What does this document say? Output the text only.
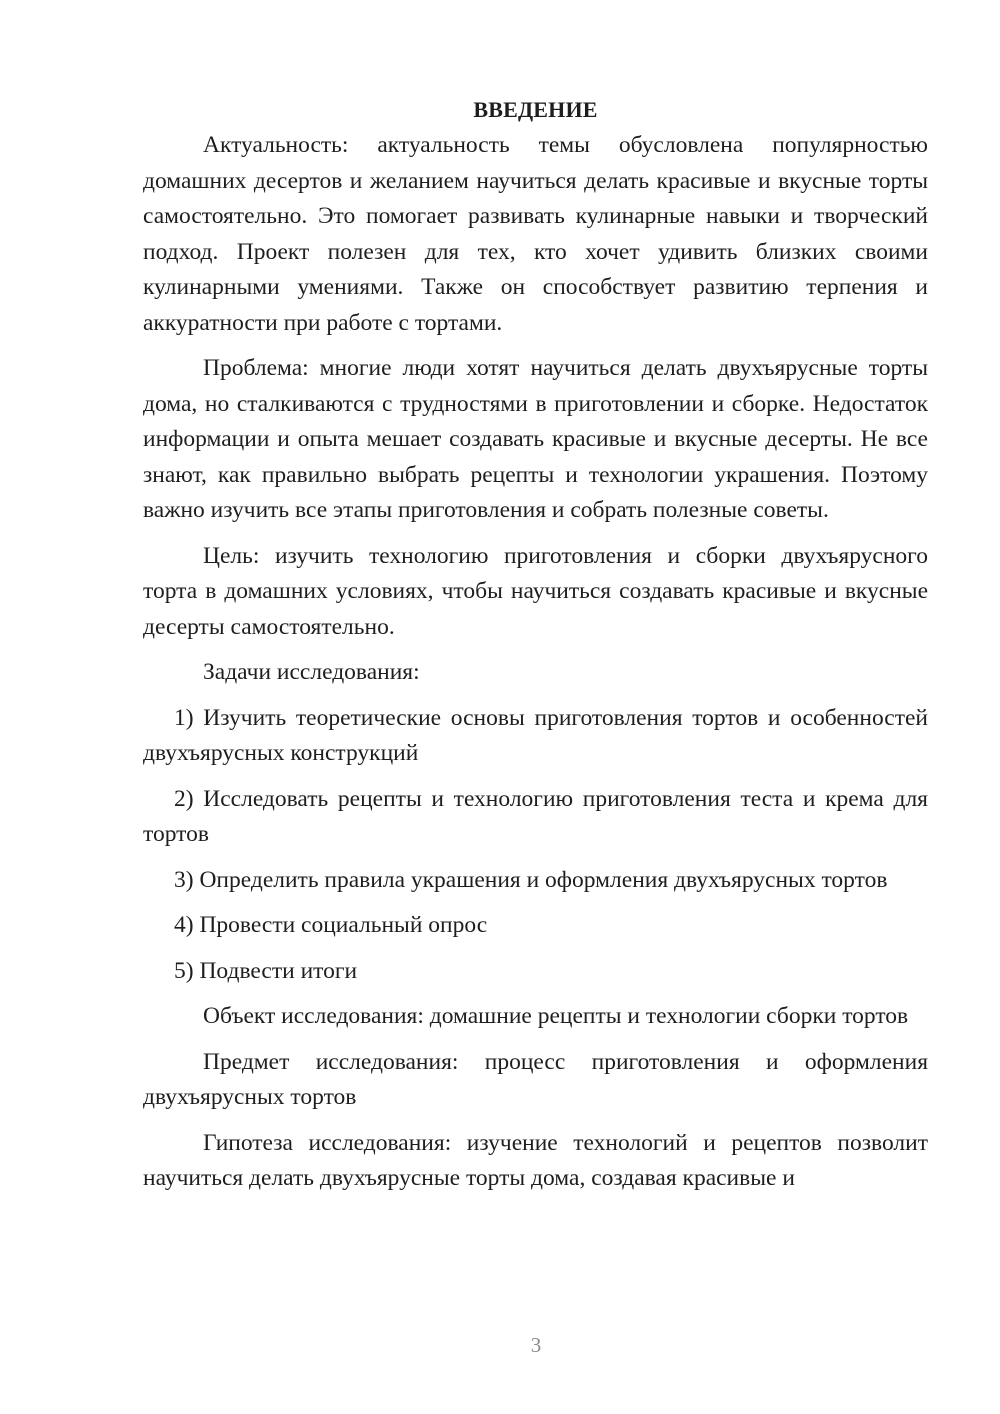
ВВЕДЕНИЕ

Актуальность: актуальность темы обусловлена популярностью домашних десертов и желанием научиться делать красивые и вкусные торты самостоятельно. Это помогает развивать кулинарные навыки и творческий подход. Проект полезен для тех, кто хочет удивить близких своими кулинарными умениями. Также он способствует развитию терпения и аккуратности при работе с тортами.

Проблема: многие люди хотят научиться делать двухъярусные торты дома, но сталкиваются с трудностями в приготовлении и сборке. Недостаток информации и опыта мешает создавать красивые и вкусные десерты. Не все знают, как правильно выбрать рецепты и технологии украшения. Поэтому важно изучить все этапы приготовления и собрать полезные советы.

Цель: изучить технологию приготовления и сборки двухъярусного торта в домашних условиях, чтобы научиться создавать красивые и вкусные десерты самостоятельно.

Задачи исследования:

1) Изучить теоретические основы приготовления тортов и особенностей двухъярусных конструкций

2) Исследовать рецепты и технологию приготовления теста и крема для тортов

3) Определить правила украшения и оформления двухъярусных тортов

4) Провести социальный опрос

5) Подвести итоги

Объект исследования: домашние рецепты и технологии сборки тортов

Предмет исследования: процесс приготовления и оформления двухъярусных тортов

Гипотеза исследования: изучение технологий и рецептов позволит научиться делать двухъярусные торты дома, создавая красивые и

3
